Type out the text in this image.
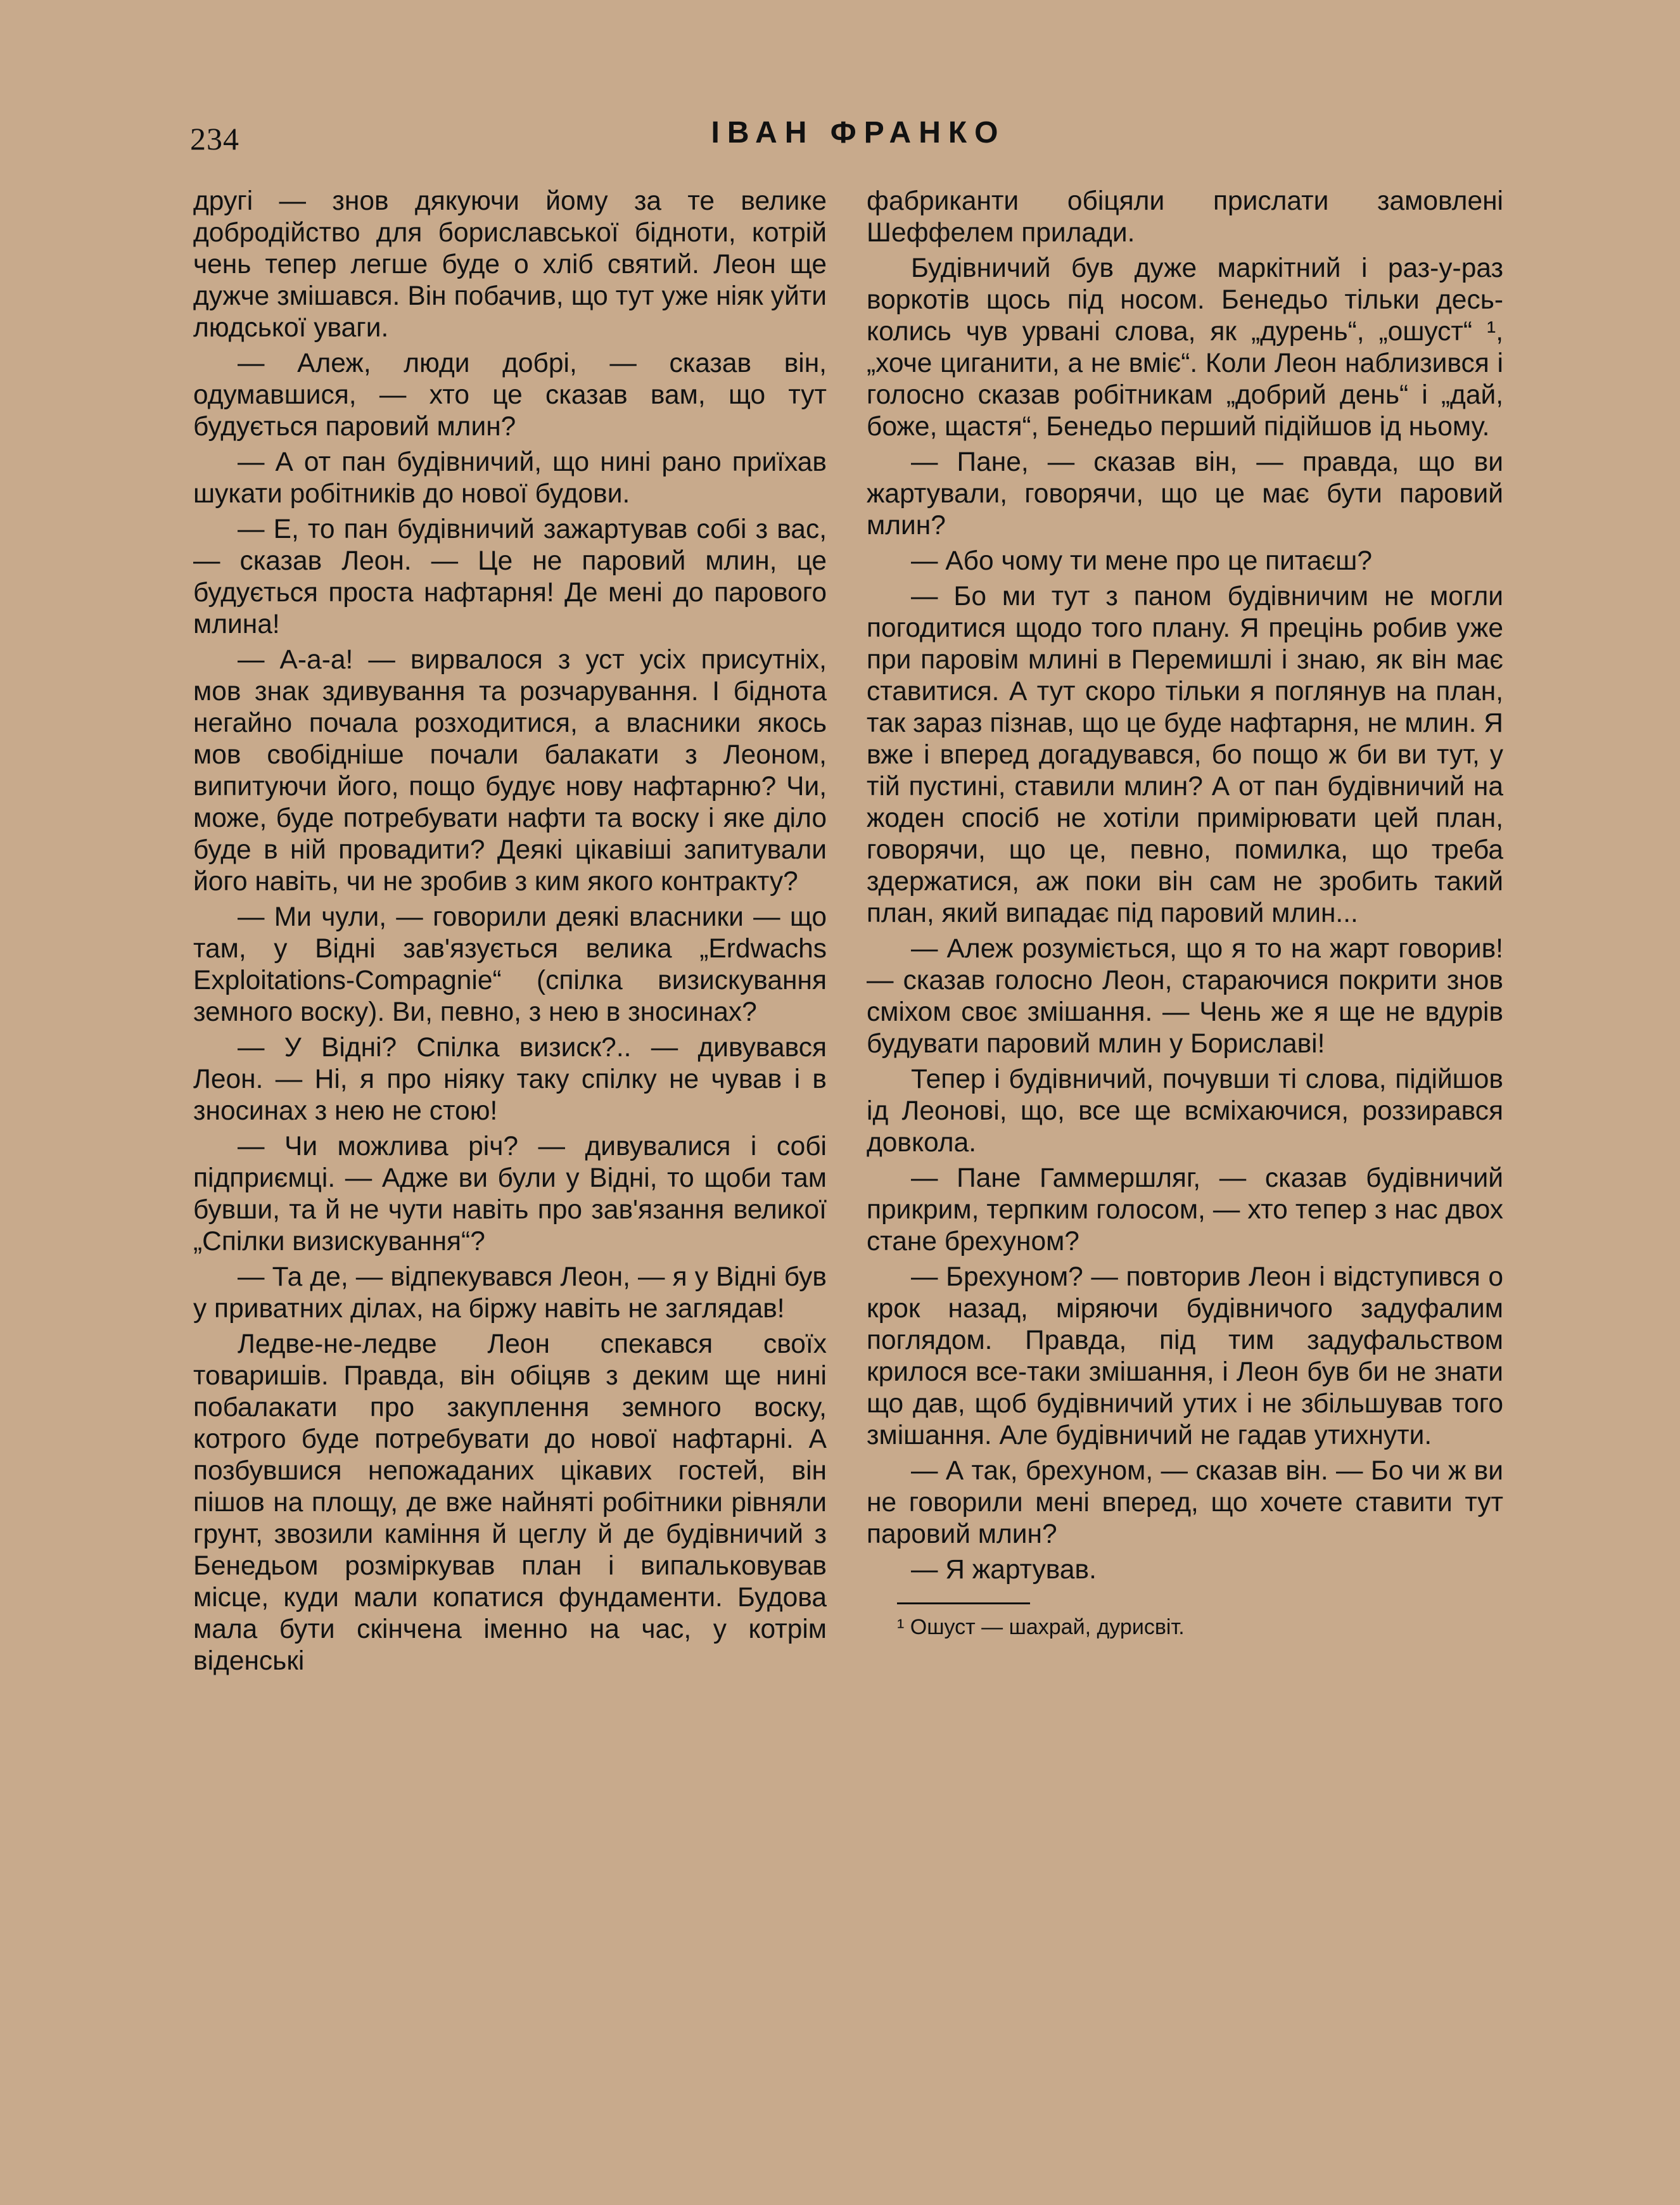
234	ІВАН ФРАНКО

другі — знов дякуючи йому за те велике добродійство для бориславської бідноти, котрій чень тепер легше буде о хліб святий. Леон ще дужче змішався. Він побачив, що тут уже ніяк уйти людської уваги.

— Алеж, люди добрі, — сказав він, одумавшися, — хто це сказав вам, що тут будується паровий млин?

— А от пан будівничий, що нині рано приїхав шукати робітників до нової будови.

— Е, то пан будівничий зажартував собі з вас, — сказав Леон. — Це не паровий млин, це будується проста нафтарня! Де мені до парового млина!

— А-а-а! — вирвалося з уст усіх присутніх, мов знак здивування та розчарування. І біднота негайно почала розходитися, а власники якось мов свобідніше почали балакати з Леоном, випитуючи його, пощо будує нову нафтарню? Чи, може, буде потребувати нафти та воску і яке діло буде в ній провадити? Деякі цікавіші запитували його навіть, чи не зробив з ким якого контракту?

— Ми чули, — говорили деякі власники — що там, у Відні зав'язується велика „Erdwachs Exploitations-Compagnie“ (спілка визискування земного воску). Ви, певно, з нею в зносинах?

— У Відні? Спілка визиск?.. — дивувався Леон. — Ні, я про ніяку таку спілку не чував і в зносинах з нею не стою!

— Чи можлива річ? — дивувалися і собі підприємці. — Адже ви були у Відні, то щоби там бувши, та й не чути навіть про зав'язання великої „Спілки визискування“?

— Та де, — відпекувався Леон, — я у Відні був у приватних ділах, на біржу навіть не заглядав!

Ледве-не-ледве Леон спекався своїх товаришів. Правда, він обіцяв з деким ще нині побалакати про закуплення земного воску, котрого буде потребувати до нової нафтарні. А позбувшися непожаданих цікавих гостей, він пішов на площу, де вже найняті робітники рівняли грунт, звозили каміння й цеглу й де будівничий з Бенедьом розміркував план і випальковував місце, куди мали копатися фундаменти. Будова мала бути скінчена іменно на час, у котрім віденські

фабриканти обіцяли прислати замовлені Шеффелем прилади.

Будівничий був дуже маркітний і раз-у-раз воркотів щось під носом. Бенедьо тільки десь-колись чув урвані слова, як „дурень“, „ошуст“ ¹, „хоче циганити, а не вміє“. Коли Леон наблизився і голосно сказав робітникам „добрий день“ і „дай, боже, щастя“, Бенедьо перший підійшов ід ньому.

— Пане, — сказав він, — правда, що ви жартували, говорячи, що це має бути паровий млин?

— Або чому ти мене про це питаєш?

— Бо ми тут з паном будівничим не могли погодитися щодо того плану. Я прецінь робив уже при паровім млині в Перемишлі і знаю, як він має ставитися. А тут скоро тільки я поглянув на план, так зараз пізнав, що це буде нафтарня, не млин. Я вже і вперед догадувався, бо пощо ж би ви тут, у тій пустині, ставили млин? А от пан будівничий на жоден спосіб не хотіли примірювати цей план, говорячи, що це, певно, помилка, що треба здержатися, аж поки він сам не зробить такий план, який випадає під паровий млин...

— Алеж розуміється, що я то на жарт говорив! — сказав голосно Леон, стараючися покрити знов сміхом своє змішання. — Чень же я ще не вдурів будувати паровий млин у Бориславі!

Тепер і будівничий, почувши ті слова, підійшов ід Леонові, що, все ще всміхаючися, роззирався довкола.

— Пане Гаммершляг, — сказав будівничий прикрим, терпким голосом, — хто тепер з нас двох стане брехуном?

— Брехуном? — повторив Леон і відступився о крок назад, міряючи будівничого задуфалим поглядом. Правда, під тим задуфальством крилося все-таки змішання, і Леон був би не знати що дав, щоб будівничий утих і не збільшував того змішання. Але будівничий не гадав утихнути.

— А так, брехуном, — сказав він. — Бо чи ж ви не говорили мені вперед, що хочете ставити тут паровий млин?

— Я жартував.

¹ Ошуст — шахрай, дурисвіт.
